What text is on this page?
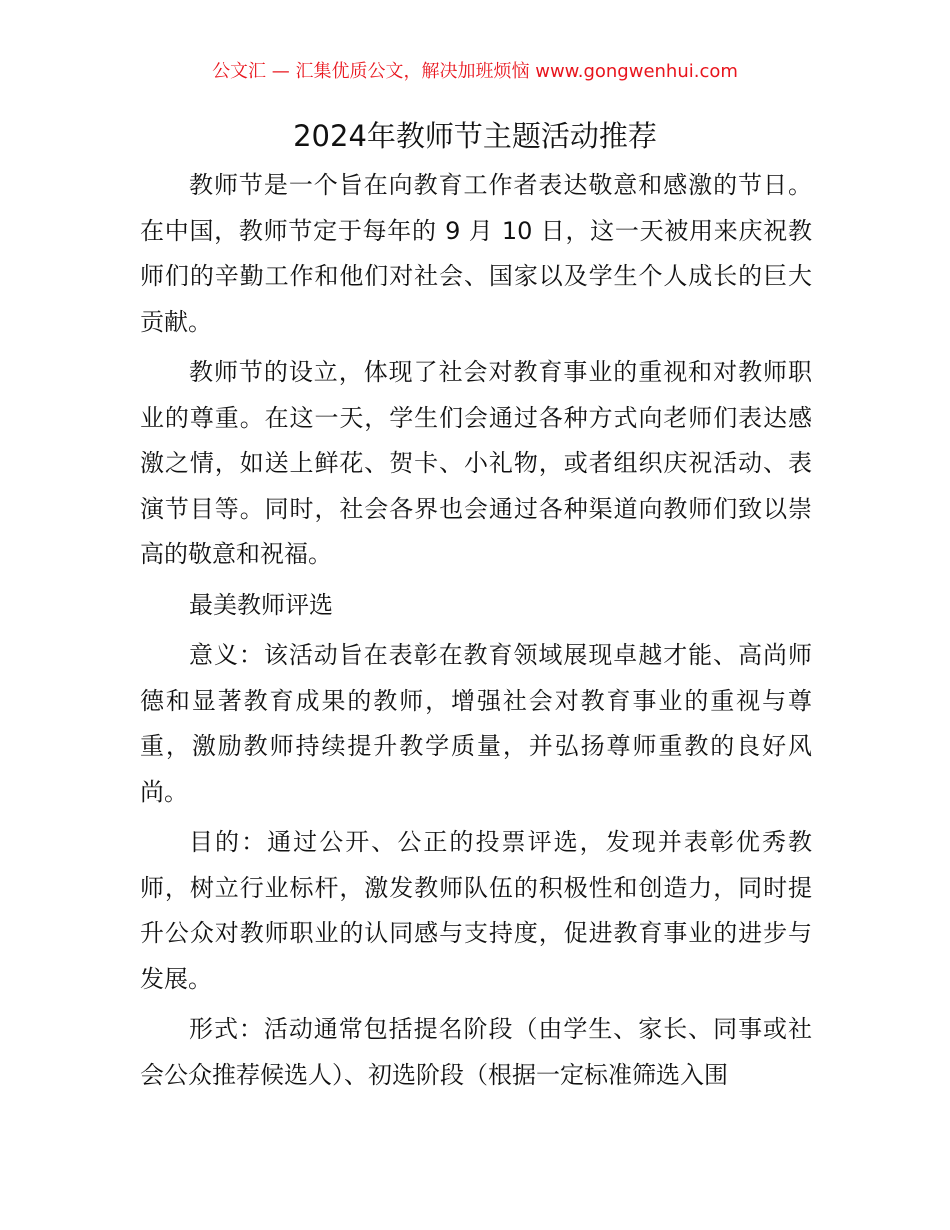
公文汇 — 汇集优质公文，解决加班烦恼 www.gongwenhui.com
2024年教师节主题活动推荐
教师节是一个旨在向教育工作者表达敬意和感激的节日。
在中国，教师节定于每年的 9 月 10 日，这一天被用来庆祝教
师们的辛勤工作和他们对社会、国家以及学生个人成长的巨大
贡献。
教师节的设立，体现了社会对教育事业的重视和对教师职
业的尊重。在这一天，学生们会通过各种方式向老师们表达感
激之情，如送上鲜花、贺卡、小礼物，或者组织庆祝活动、表
演节目等。同时，社会各界也会通过各种渠道向教师们致以崇
高的敬意和祝福。
最美教师评选
意义：该活动旨在表彰在教育领域展现卓越才能、高尚师
德和显著教育成果的教师，增强社会对教育事业的重视与尊
重，激励教师持续提升教学质量，并弘扬尊师重教的良好风
尚。
目的：通过公开、公正的投票评选，发现并表彰优秀教
师，树立行业标杆，激发教师队伍的积极性和创造力，同时提
升公众对教师职业的认同感与支持度，促进教育事业的进步与
发展。
形式：活动通常包括提名阶段（由学生、家长、同事或社
会公众推荐候选人）、初选阶段（根据一定标准筛选入围
